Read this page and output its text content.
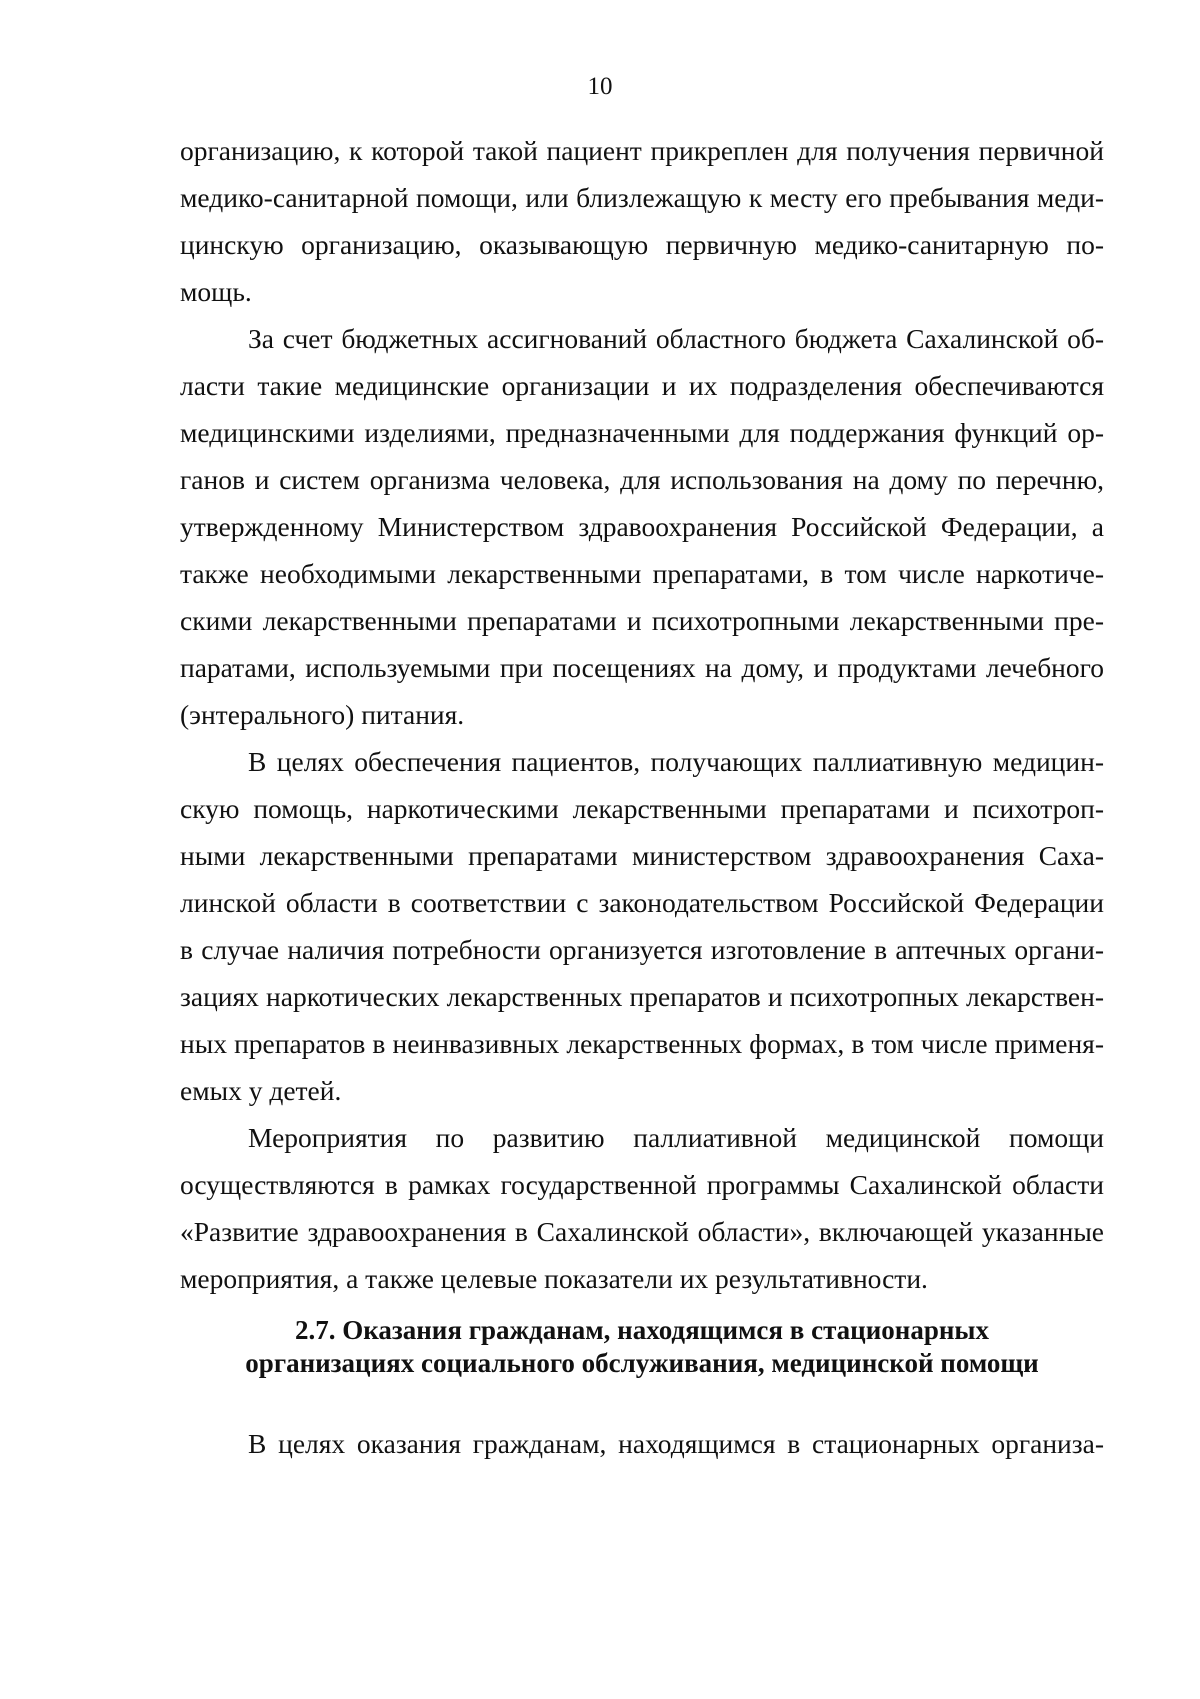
10

организацию, к которой такой пациент прикреплен для получения первичной
медико-санитарной помощи, или близлежащую к месту его пребывания меди-
цинскую организацию, оказывающую первичную медико-санитарную по-
мощь.

За счет бюджетных ассигнований областного бюджета Сахалинской об-
ласти такие медицинские организации и их подразделения обеспечиваются
медицинскими изделиями, предназначенными для поддержания функций ор-
ганов и систем организма человека, для использования на дому по перечню,
утвержденному Министерством здравоохранения Российской Федерации, а
также необходимыми лекарственными препаратами, в том числе наркотиче-
скими лекарственными препаратами и психотропными лекарственными пре-
паратами, используемыми при посещениях на дому, и продуктами лечебного
(энтерального) питания.

В целях обеспечения пациентов, получающих паллиативную медицин-
скую помощь, наркотическими лекарственными препаратами и психотроп-
ными лекарственными препаратами министерством здравоохранения Саха-
линской области в соответствии с законодательством Российской Федерации
в случае наличия потребности организуется изготовление в аптечных органи-
зациях наркотических лекарственных препаратов и психотропных лекарствен-
ных препаратов в неинвазивных лекарственных формах, в том числе применя-
емых у детей.

Мероприятия по развитию паллиативной медицинской помощи
осуществляются в рамках государственной программы Сахалинской области
«Развитие здравоохранения в Сахалинской области», включающей указанные
мероприятия, а также целевые показатели их результативности.

2.7. Оказания гражданам, находящимся в стационарных
организациях социального обслуживания, медицинской помощи

В целях оказания гражданам, находящимся в стационарных организа-
